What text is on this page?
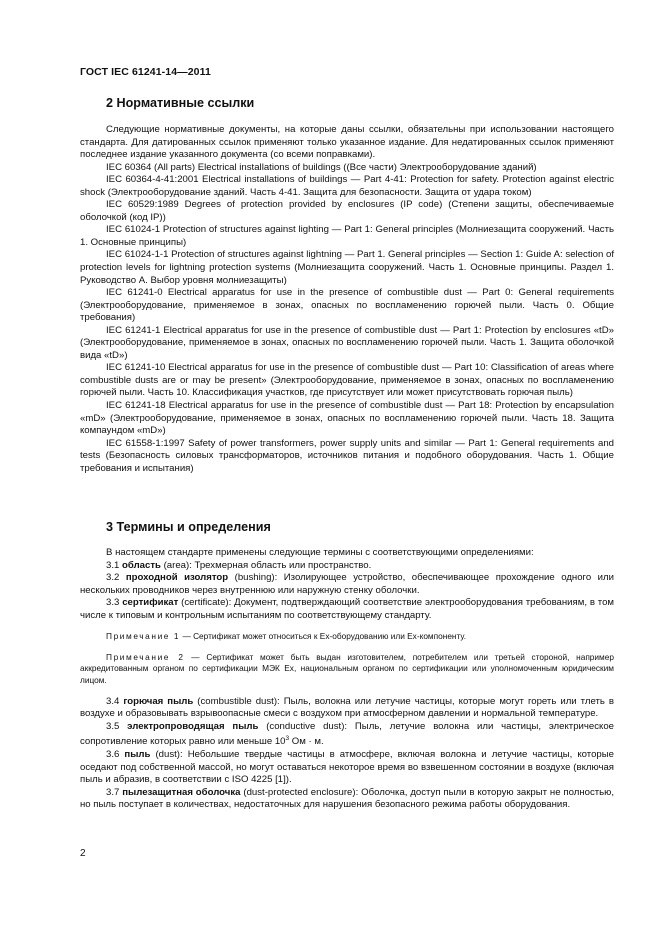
ГОСТ IEC 61241-14—2011
2 Нормативные ссылки

Следующие нормативные документы, на которые даны ссылки, обязательны при использовании настоящего стандарта. Для датированных ссылок применяют только указанное издание. Для недатированных ссылок применяют последнее издание указанного документа (со всеми поправками).

IEC 60364 (All parts) Electrical installations of buildings ((Все части) Электрооборудование зданий)

IEC 60364-4-41:2001 Electrical installations of buildings — Part 4-41: Protection for safety. Protection against electric shock (Электрооборудование зданий. Часть 4-41. Защита для безопасности. Защита от удара током)

IEC 60529:1989 Degrees of protection provided by enclosures (IP code) (Степени защиты, обеспечиваемые оболочкой (код IP))

IEC 61024-1 Protection of structures against lighting — Part 1: General principles (Молниезащита сооружений. Часть 1. Основные принципы)

IEC 61024-1-1 Protection of structures against lightning — Part 1. General principles — Section 1: Guide A: selection of protection levels for lightning protection systems (Молниезащита сооружений. Часть 1. Основные принципы. Раздел 1. Руководство А. Выбор уровня молниезащиты)

IEC 61241-0 Electrical apparatus for use in the presence of combustible dust — Part 0: General requirements (Электрооборудование, применяемое в зонах, опасных по воспламенению горючей пыли. Часть 0. Общие требования)

IEC 61241-1 Electrical apparatus for use in the presence of combustible dust — Part 1: Protection by enclosures «tD» (Электрооборудование, применяемое в зонах, опасных по воспламенению горючей пыли. Часть 1. Защита оболочкой вида «tD»)

IEC 61241-10 Electrical apparatus for use in the presence of combustible dust — Part 10: Classification of areas where combustible dusts are or may be present» (Электрооборудование, применяемое в зонах, опасных по воспламенению горючей пыли. Часть 10. Классификация участков, где присутствует или может присутствовать горючая пыль)

IEC 61241-18 Electrical apparatus for use in the presence of combustible dust — Part 18: Protection by encapsulation «mD» (Электрооборудование, применяемое в зонах, опасных по воспламенению горючей пыли. Часть 18. Защита компаундом «mD»)

IEC 61558-1:1997 Safety of power transformers, power supply units and similar — Part 1: General requirements and tests (Безопасность силовых трансформаторов, источников питания и подобного оборудования. Часть 1. Общие требования и испытания)

3 Термины и определения

В настоящем стандарте применены следующие термины с соответствующими определениями:

3.1 область (area): Трехмерная область или пространство.

3.2 проходной изолятор (bushing): Изолирующее устройство, обеспечивающее прохождение одного или нескольких проводников через внутреннюю или наружную стенку оболочки.

3.3 сертификат (certificate): Документ, подтверждающий соответствие электрооборудования требованиям, в том числе к типовым и контрольным испытаниям по соответствующему стандарту.

Примечание 1 — Сертификат может относиться к Ex-оборудованию или Ex-компоненту.

Примечание 2 — Сертификат может быть выдан изготовителем, потребителем или третьей стороной, например аккредитованным органом по сертификации МЭК Ex, национальным органом по сертификации или уполномоченным юридическим лицом.

3.4 горючая пыль (combustible dust): Пыль, волокна или летучие частицы, которые могут гореть или тлеть в воздухе и образовывать взрывоопасные смеси с воздухом при атмосферном давлении и нормальной температуре.

3.5 электропроводящая пыль (conductive dust): Пыль, летучие волокна или частицы, электрическое сопротивление которых равно или меньше $10^3$ Ом · м.

3.6 пыль (dust): Небольшие твердые частицы в атмосфере, включая волокна и летучие частицы, которые оседают под собственной массой, но могут оставаться некоторое время во взвешенном состоянии в воздухе (включая пыль и абразив, в соответствии с ISO 4225 [1]).

3.7 пылезащитная оболочка (dust-protected enclosure): Оболочка, доступ пыли в которую закрыт не полностью, но пыль поступает в количествах, недостаточных для нарушения безопасного режима работы оборудования.

2
